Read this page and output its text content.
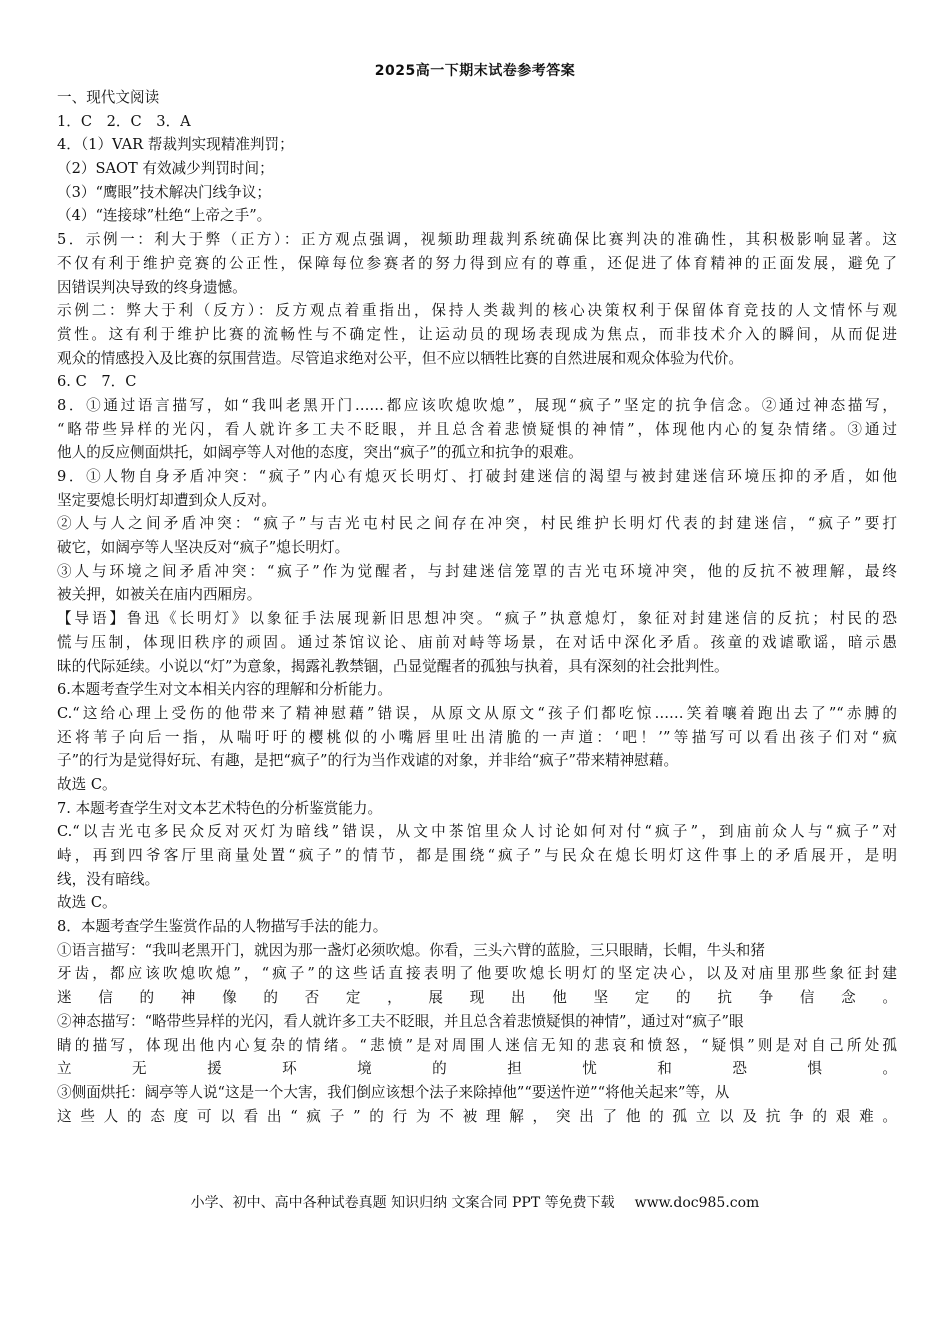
2025高一下期末试卷参考答案
一、现代文阅读
1．C　2．C　3．A
4．（1）VAR 帮裁判实现精准判罚；
（2）SAOT 有效减少判罚时间；
（3）“鹰眼”技术解决门线争议；
（4）“连接球”杜绝“上帝之手”。
5．示例一：利大于弊（正方）：正方观点强调，视频助理裁判系统确保比赛判决的准确性，其积极影响显著。这
不仅有利于维护竞赛的公正性，保障每位参赛者的努力得到应有的尊重，还促进了体育精神的正面发展，避免了
因错误判决导致的终身遗憾。
示例二：弊大于利（反方）：反方观点着重指出，保持人类裁判的核心决策权利于保留体育竞技的人文情怀与观
赏性。这有利于维护比赛的流畅性与不确定性，让运动员的现场表现成为焦点，而非技术介入的瞬间，从而促进
观众的情感投入及比赛的氛围营造。尽管追求绝对公平，但不应以牺牲比赛的自然进展和观众体验为代价。
6. C　7．C
8．①通过语言描写，如“我叫老黑开门……都应该吹熄吹熄”，展现“疯子”坚定的抗争信念。②通过神态描写，
“略带些异样的光闪，看人就许多工夫不眨眼，并且总含着悲愤疑惧的神情”，体现他内心的复杂情绪。③通过
他人的反应侧面烘托，如阔亭等人对他的态度，突出“疯子”的孤立和抗争的艰难。
9．①人物自身矛盾冲突：“疯子”内心有熄灭长明灯、打破封建迷信的渴望与被封建迷信环境压抑的矛盾，如他
坚定要熄长明灯却遭到众人反对。
②人与人之间矛盾冲突：“疯子”与吉光屯村民之间存在冲突，村民维护长明灯代表的封建迷信，“疯子”要打
破它，如阔亭等人坚决反对“疯子”熄长明灯。
③人与环境之间矛盾冲突：“疯子”作为觉醒者，与封建迷信笼罩的吉光屯环境冲突，他的反抗不被理解，最终
被关押，如被关在庙内西厢房。
【导语】鲁迅《长明灯》以象征手法展现新旧思想冲突。“疯子”执意熄灯，象征对封建迷信的反抗；村民的恐
慌与压制，体现旧秩序的顽固。通过茶馆议论、庙前对峙等场景，在对话中深化矛盾。孩童的戏谑歌谣，暗示愚
昧的代际延续。小说以“灯”为意象，揭露礼教禁锢，凸显觉醒者的孤独与执着，具有深刻的社会批判性。
6.本题考查学生对文本相关内容的理解和分析能力。
C.“这给心理上受伤的他带来了精神慰藉”错误，从原文从原文“孩子们都吃惊……笑着嚷着跑出去了”“赤膊的
还将苇子向后一指，从喘吁吁的樱桃似的小嘴唇里吐出清脆的一声道：‘吧！’”等描写可以看出孩子们对“疯
子”的行为是觉得好玩、有趣，是把“疯子”的行为当作戏谑的对象，并非给“疯子”带来精神慰藉。
故选 C。
7. 本题考查学生对文本艺术特色的分析鉴赏能力。
C.“以吉光屯多民众反对灭灯为暗线”错误，从文中茶馆里众人讨论如何对付“疯子”，到庙前众人与“疯子”对
峙，再到四爷客厅里商量处置“疯子”的情节，都是围绕“疯子”与民众在熄长明灯这件事上的矛盾展开，是明
线，没有暗线。
故选 C。
8．本题考查学生鉴赏作品的人物描写手法的能力。
①语言描写：“我叫老黑开门，就因为那一盏灯必须吹熄。你看，三头六臂的蓝脸，三只眼睛，长帽，牛头和猪
牙齿，都应该吹熄吹熄”，“疯子”的这些话直接表明了他要吹熄长明灯的坚定决心，以及对庙里那些象征封建
迷信的神像的否定，展现出他坚定的抗争信念。
②神态描写：“略带些异样的光闪，看人就许多工夫不眨眼，并且总含着悲愤疑惧的神情”，通过对“疯子”眼
睛的描写，体现出他内心复杂的情绪。“悲愤”是对周围人迷信无知的悲哀和愤怒，“疑惧”则是对自己所处孤
立无援环境的担忧和恐惧。
③侧面烘托：阔亭等人说“这是一个大害，我们倒应该想个法子来除掉他”“要送忤逆”“将他关起来”等，从
这些人的态度可以看出“疯子”的行为不被理解，突出了他的孤立以及抗争的艰难。
小学、初中、高中各种试卷真题 知识归纳 文案合同 PPT 等免费下载 www.doc985.com
